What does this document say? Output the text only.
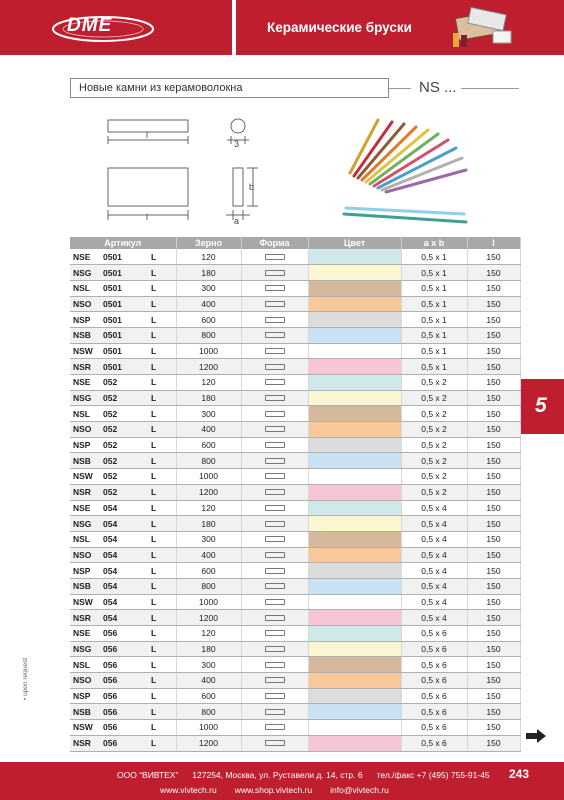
DME	Керамические бруски
Новые камни из керамоволокна	NS ...
l
3
l
b
a
Артикул	Зерно	Форма	Цвет	a x b	l
NSE 0501 L	120			0,5 x 1	150
NSG 0501 L	180			0,5 x 1	150
NSL 0501 L	300			0,5 x 1	150
NSO 0501 L	400			0,5 x 1	150
NSP 0501 L	600			0,5 x 1	150
NSB 0501 L	800			0,5 x 1	150
NSW 0501 L	1000			0,5 x 1	150
NSR 0501 L	1200			0,5 x 1	150
NSE 052 L	120			0,5 x 2	150
NSG 052 L	180			0,5 x 2	150
NSL 052 L	300			0,5 x 2	150
NSO 052 L	400			0,5 x 2	150
NSP 052 L	600			0,5 x 2	150
NSB 052 L	800			0,5 x 2	150
NSW 052 L	1000			0,5 x 2	150
NSR 052 L	1200			0,5 x 2	150
NSE 054 L	120			0,5 x 4	150
NSG 054 L	180			0,5 x 4	150
NSL 054 L	300			0,5 x 4	150
NSO 054 L	400			0,5 x 4	150
NSP 054 L	600			0,5 x 4	150
NSB 054 L	800			0,5 x 4	150
NSW 054 L	1000			0,5 x 4	150
NSR 054 L	1200			0,5 x 4	150
NSE 056 L	120			0,5 x 6	150
NSG 056 L	180			0,5 x 6	150
NSL 056 L	300			0,5 x 6	150
NSO 056 L	400			0,5 x 6	150
NSP 056 L	600			0,5 x 6	150
NSB 056 L	800			0,5 x 6	150
NSW 056 L	1000			0,5 x 6	150
NSR 056 L	1200			0,5 x 6	150
5
• upon request
ООО “ВИВТЕХ” 127254, Москва, ул. Руставели д. 14, стр. 6 тел./факс +7 (495) 755-91-45
www.vivtech.ru www.shop.vivtech.ru info@vivtech.ru
243
